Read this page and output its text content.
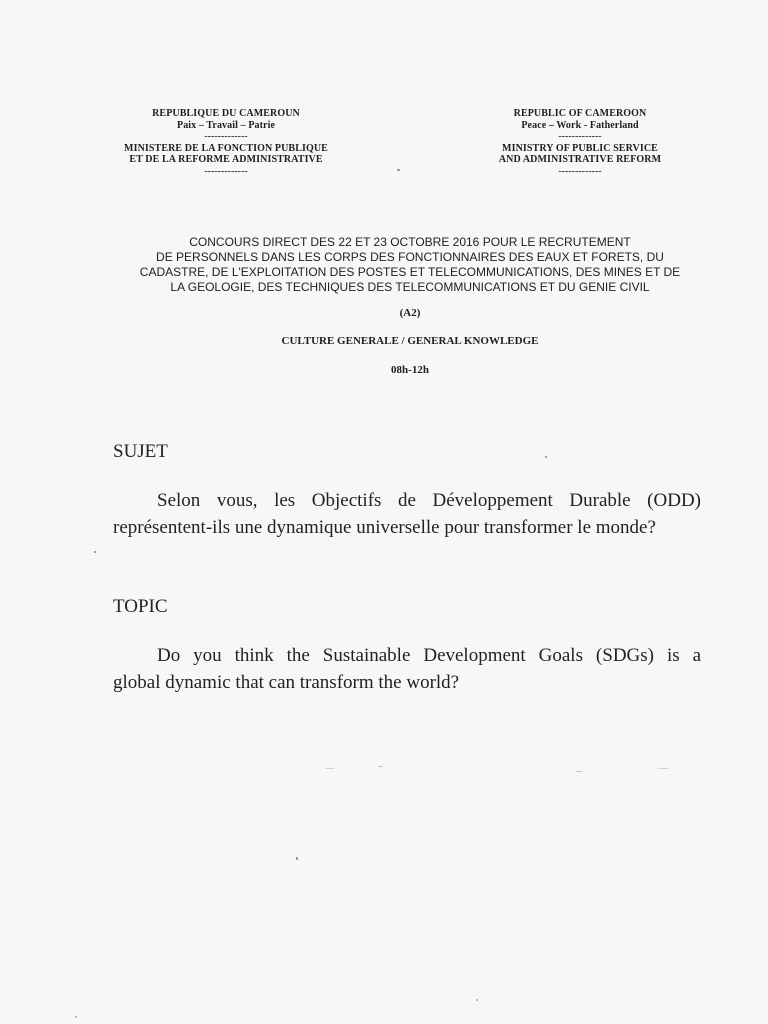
REPUBLIQUE DU CAMEROUN
Paix – Travail – Patrie
-------------
MINISTERE DE LA FONCTION PUBLIQUE
ET DE LA REFORME ADMINISTRATIVE
-------------
REPUBLIC OF CAMEROON
Peace – Work - Fatherland
-------------
MINISTRY OF PUBLIC SERVICE
AND ADMINISTRATIVE REFORM
-------------
CONCOURS DIRECT DES 22 ET 23 OCTOBRE 2016 POUR LE RECRUTEMENT
DE PERSONNELS DANS LES CORPS DES FONCTIONNAIRES DES EAUX ET FORETS, DU
CADASTRE, DE L'EXPLOITATION DES POSTES ET TELECOMMUNICATIONS, DES MINES ET DE
LA GEOLOGIE, DES TECHNIQUES DES TELECOMMUNICATIONS ET DU GENIE CIVIL
(A2)
CULTURE GENERALE / GENERAL KNOWLEDGE
08h-12h
SUJET
Selon vous, les Objectifs de Développement Durable (ODD)
représentent-ils une dynamique universelle pour transformer le monde?
TOPIC
Do you think the Sustainable Development Goals (SDGs) is a
global dynamic that can transform the world?
